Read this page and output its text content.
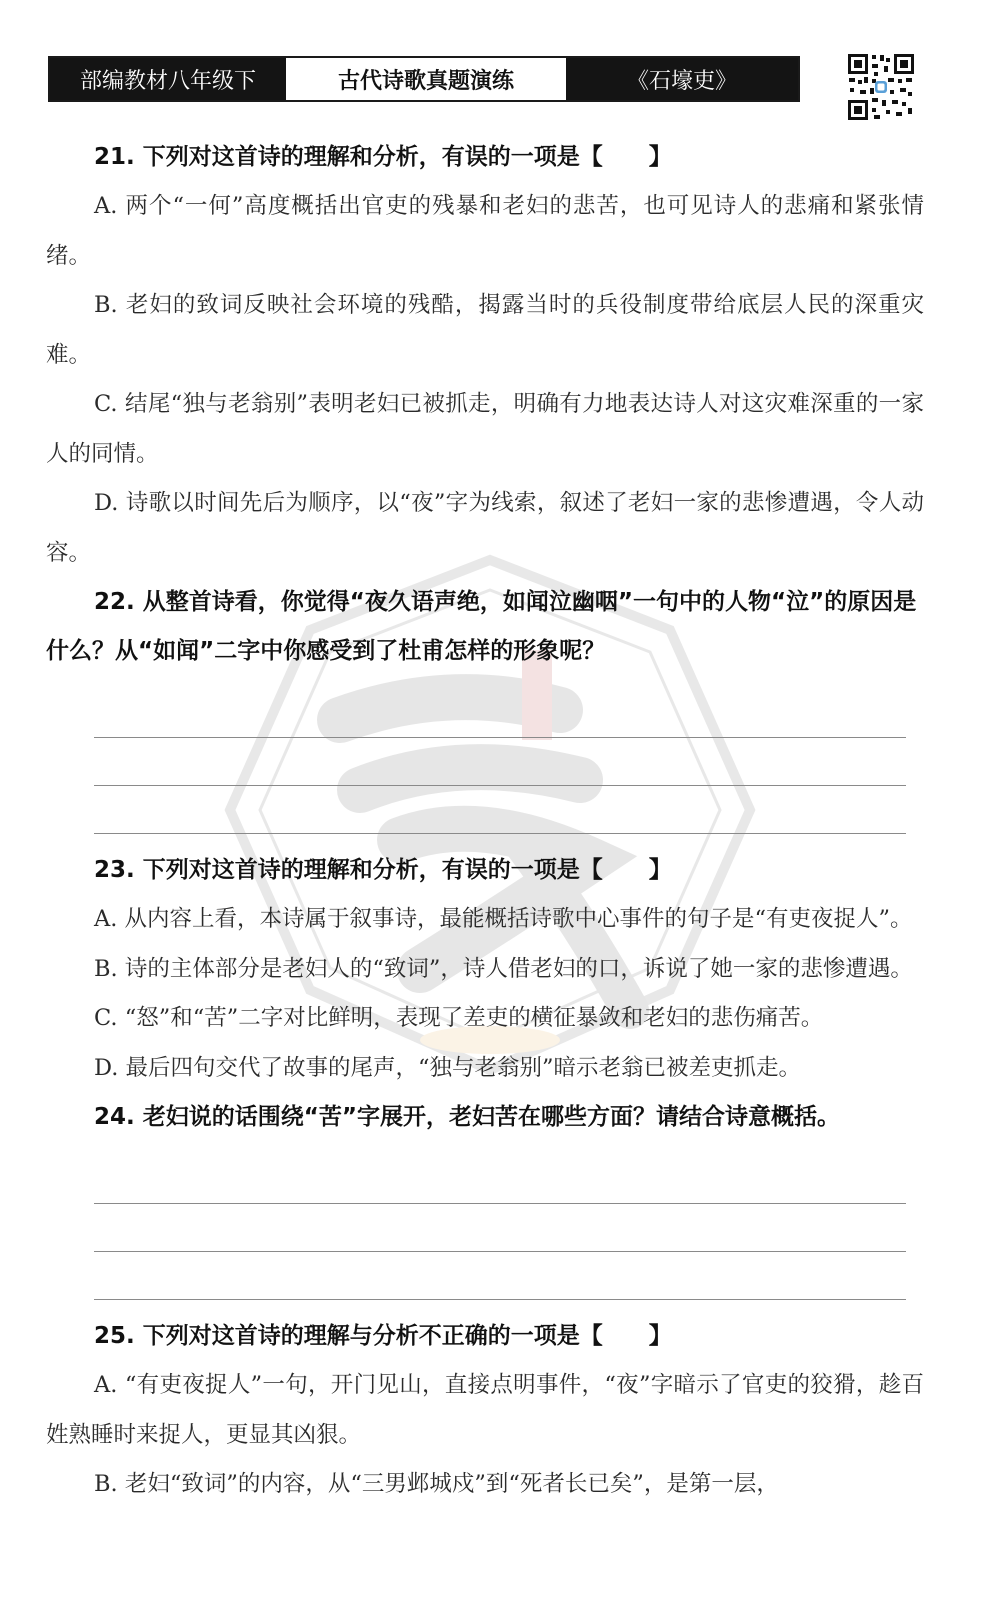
部编教材八年级下	古代诗歌真题演练	《石壕吏》

21. 下列对这首诗的理解和分析，有误的一项是【　　】

A. 两个“一何”高度概括出官吏的残暴和老妇的悲苦，也可见诗人的悲痛和紧张情绪。

B. 老妇的致词反映社会环境的残酷，揭露当时的兵役制度带给底层人民的深重灾难。

C. 结尾“独与老翁别”表明老妇已被抓走，明确有力地表达诗人对这灾难深重的一家人的同情。

D. 诗歌以时间先后为顺序，以“夜”字为线索，叙述了老妇一家的悲惨遭遇，令人动容。

22. 从整首诗看，你觉得“夜久语声绝，如闻泣幽咽”一句中的人物“泣”的原因是什么？从“如闻”二字中你感受到了杜甫怎样的形象呢？

23. 下列对这首诗的理解和分析，有误的一项是【　　】

A. 从内容上看，本诗属于叙事诗，最能概括诗歌中心事件的句子是“有吏夜捉人”。

B. 诗的主体部分是老妇人的“致词”，诗人借老妇的口，诉说了她一家的悲惨遭遇。

C. “怒”和“苦”二字对比鲜明，表现了差吏的横征暴敛和老妇的悲伤痛苦。

D. 最后四句交代了故事的尾声，“独与老翁别”暗示老翁已被差吏抓走。

24. 老妇说的话围绕“苦”字展开，老妇苦在哪些方面？请结合诗意概括。

25. 下列对这首诗的理解与分析不正确的一项是【　　】

A. “有吏夜捉人”一句，开门见山，直接点明事件，“夜”字暗示了官吏的狡猾，趁百姓熟睡时来捉人，更显其凶狠。

B. 老妇“致词”的内容，从“三男邺城戍”到“死者长已矣”，是第一层，
